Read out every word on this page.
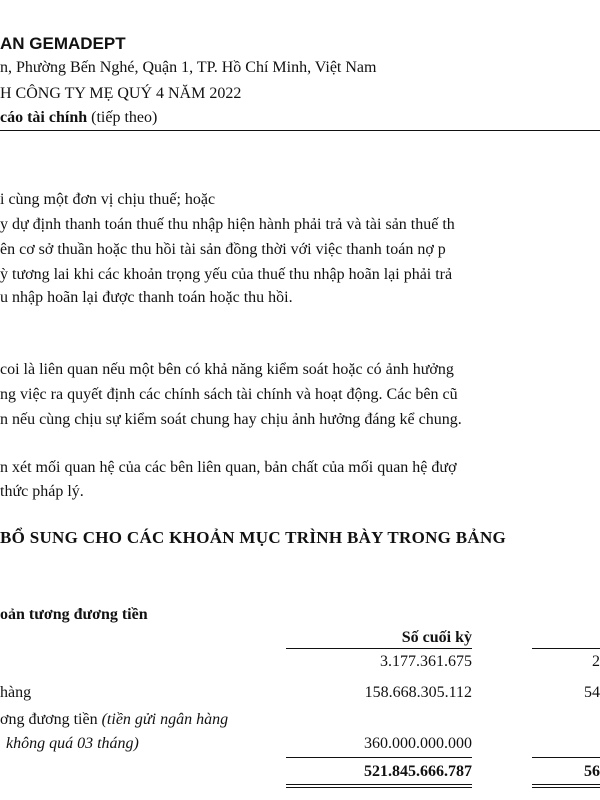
AN GEMADEPT
n, Phường Bến Nghé, Quận 1, TP. Hồ Chí Minh, Việt Nam
H CÔNG TY MẸ QUÝ 4 NĂM 2022
cáo tài chính (tiếp theo)
i cùng một đơn vị chịu thuế; hoặc
y dự định thanh toán thuế thu nhập hiện hành phải trả và tài sản thuế th
ên cơ sở thuần hoặc thu hồi tài sản đồng thời với việc thanh toán nợ p
ỳ tương lai khi các khoản trọng yếu của thuế thu nhập hoãn lại phải trả
u nhập hoãn lại được thanh toán hoặc thu hồi.
coi là liên quan nếu một bên có khả năng kiểm soát hoặc có ảnh hưởng
ng việc ra quyết định các chính sách tài chính và hoạt động. Các bên cũ
n nếu cùng chịu sự kiểm soát chung hay chịu ảnh hưởng đáng kể chung.
n xét mối quan hệ của các bên liên quan, bản chất của mối quan hệ đượ
thức pháp lý.
BỔ SUNG CHO CÁC KHOẢN MỤC TRÌNH BÀY TRONG BẢNG
oản tương đương tiền
Số cuối kỳ
3.177.361.675	2
hàng	158.668.305.112	54
ơng đương tiền (tiền gửi ngân hàng
không quá 03 tháng)	360.000.000.000
521.845.666.787	56
